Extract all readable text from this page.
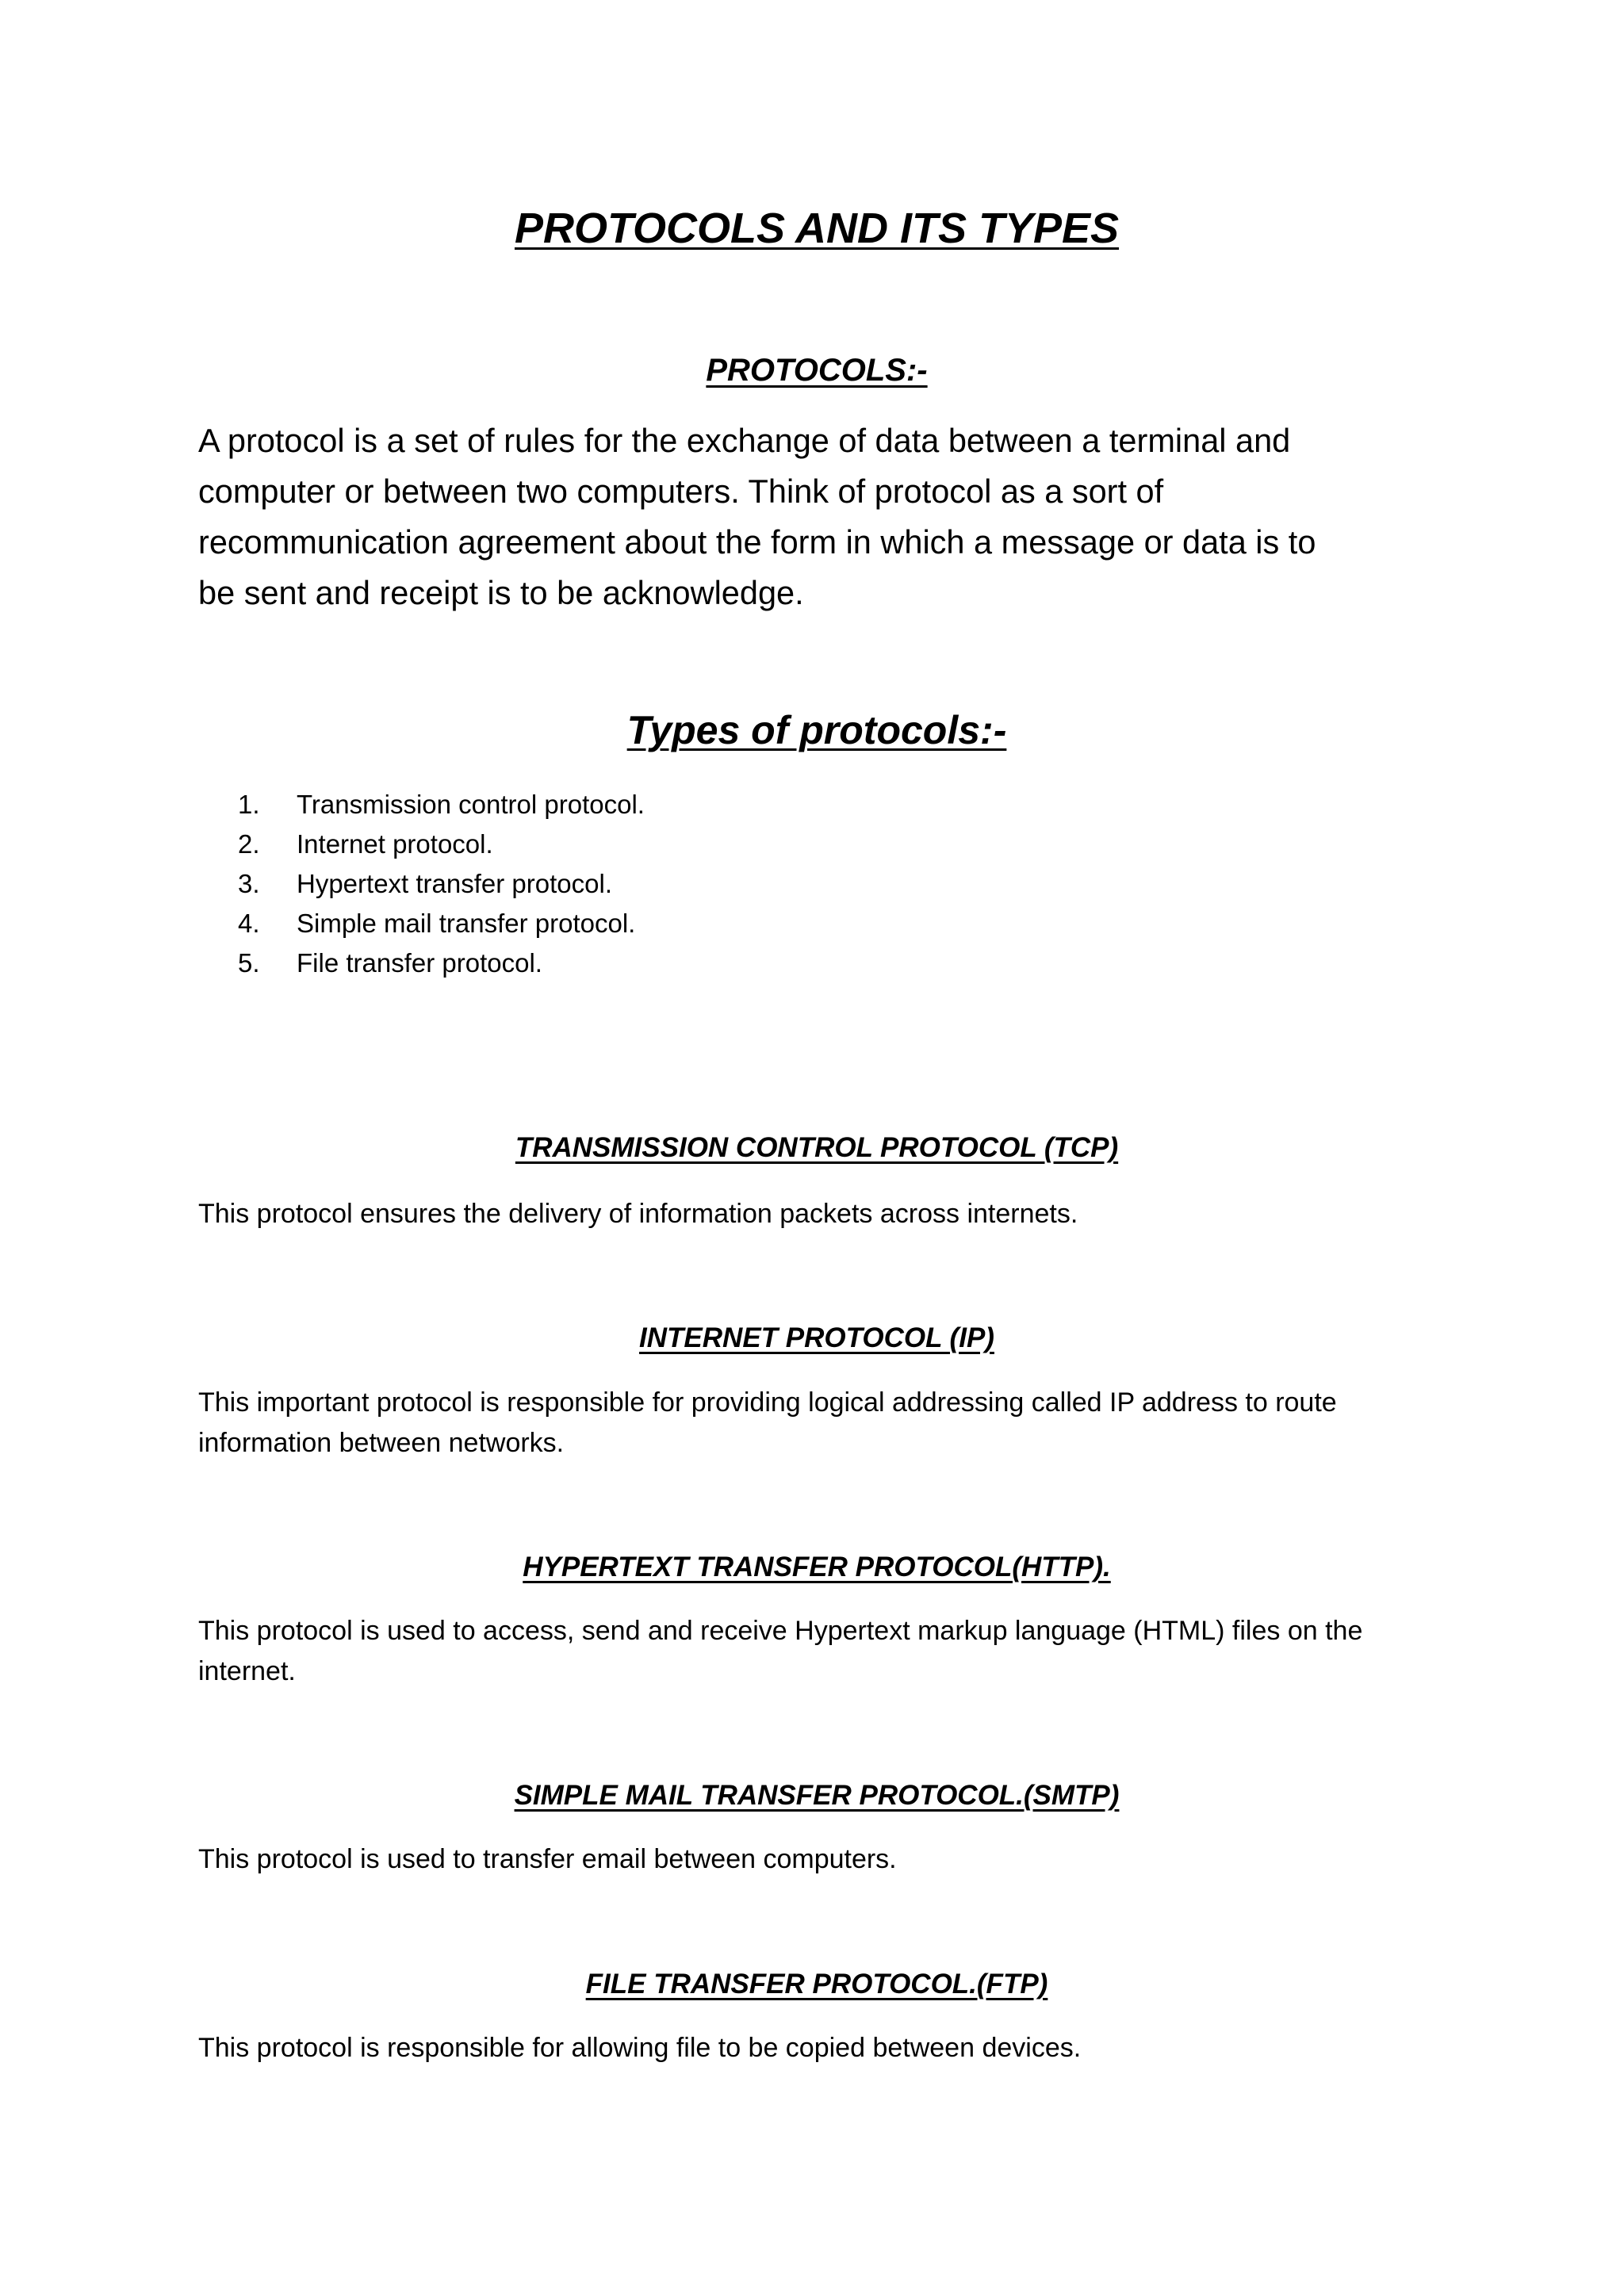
PROTOCOLS AND ITS TYPES
PROTOCOLS:-

A protocol is a set of rules for the exchange of data between a terminal and
computer or between two computers. Think of protocol as a sort of
recommunication agreement about the form in which a message or data is to
be sent and receipt is to be acknowledge.

Types of protocols:-
1. Transmission control protocol.
2. Internet protocol.
3. Hypertext transfer protocol.
4. Simple mail transfer protocol.
5. File transfer protocol.
TRANSMISSION CONTROL PROTOCOL (TCP)

This protocol ensures the delivery of information packets across internets.

INTERNET PROTOCOL (IP)

This important protocol is responsible for providing logical addressing called IP address to route
information between networks.

HYPERTEXT TRANSFER PROTOCOL(HTTP).

This protocol is used to access, send and receive Hypertext markup language (HTML) files on the
internet.

SIMPLE MAIL TRANSFER PROTOCOL.(SMTP)

This protocol is used to transfer email between computers.

FILE TRANSFER PROTOCOL.(FTP)

This protocol is responsible for allowing file to be copied between devices.
